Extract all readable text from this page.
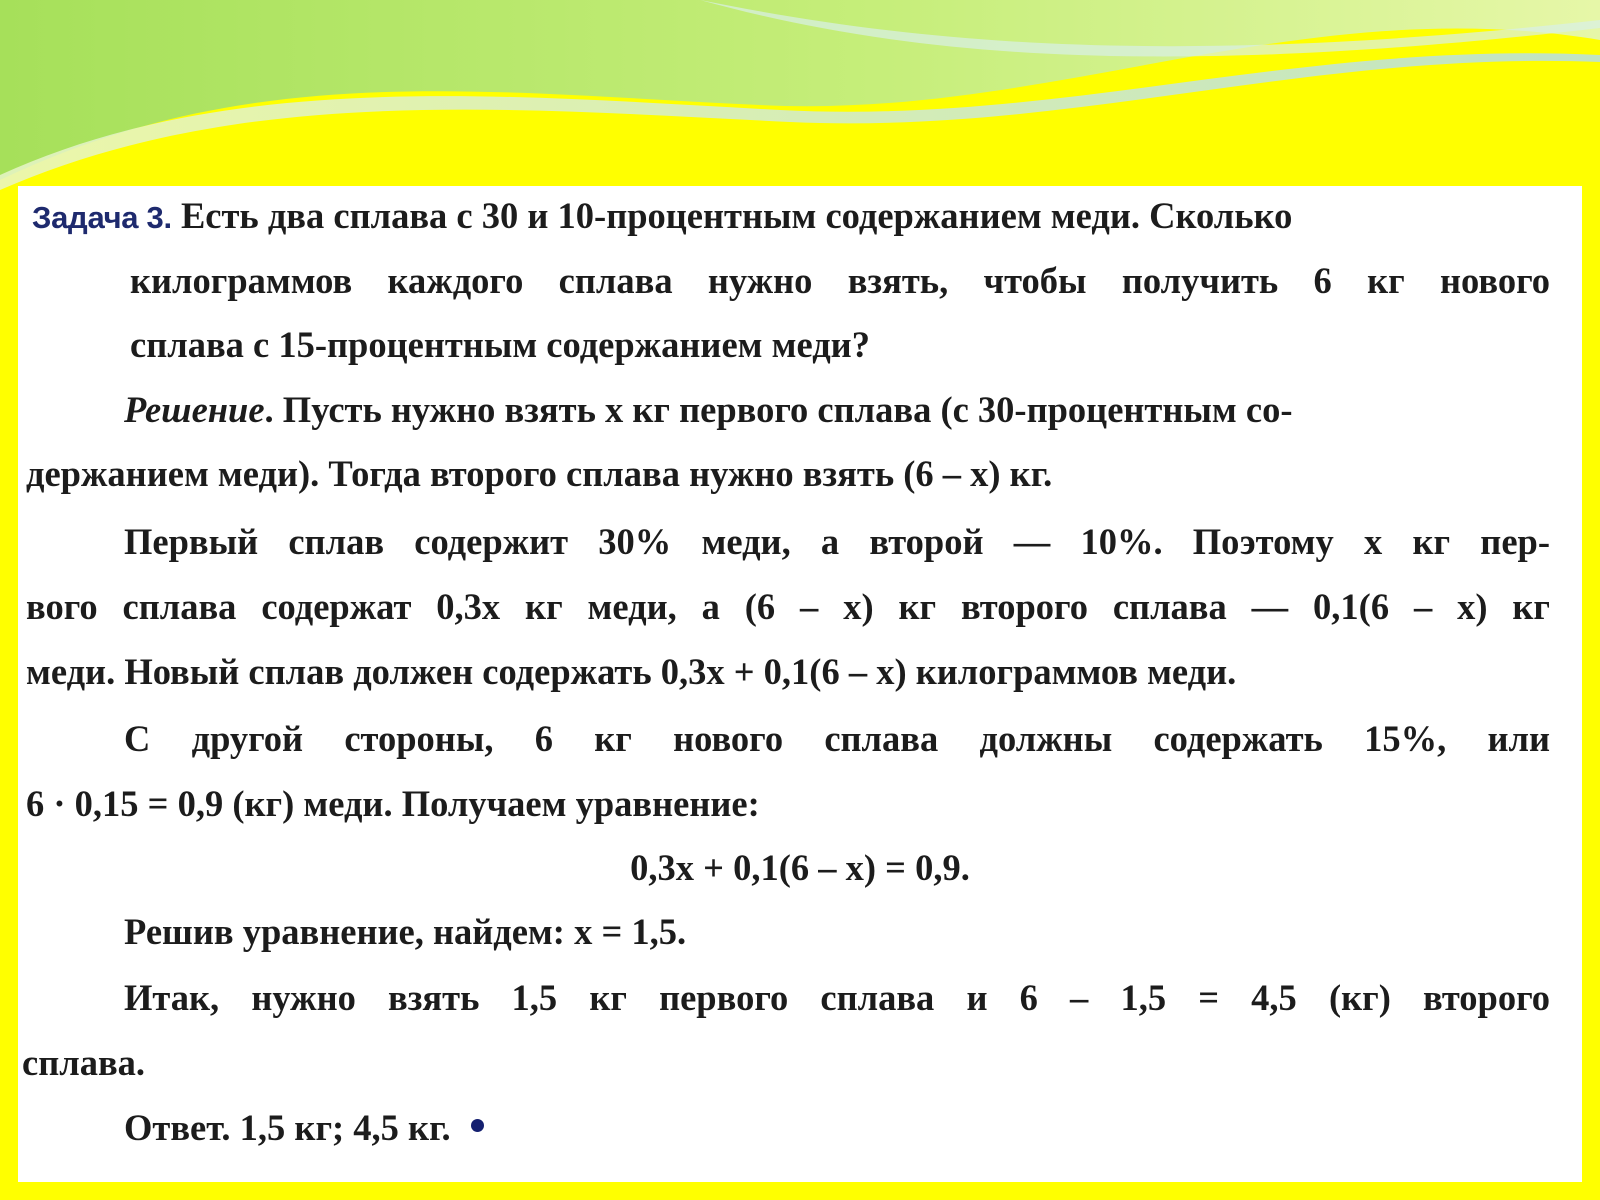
Задача 3. Есть два сплава с 30 и 10-процентным содержанием меди. Сколько

килограммов каждого сплава нужно взять, чтобы получить 6 кг нового

сплава с 15-процентным содержанием меди?

Решение. Пусть нужно взять x кг первого сплава (с 30-процентным со-

держанием меди). Тогда второго сплава нужно взять (6 – x) кг.

Первый сплав содержит 30% меди, а второй — 10%. Поэтому x кг пер-

вого сплава содержат 0,3x кг меди, а (6 – x) кг второго сплава — 0,1(6 – x) кг

меди. Новый сплав должен содержать 0,3x + 0,1(6 – x) килограммов меди.

С другой стороны, 6 кг нового сплава должны содержать 15%, или

6 · 0,15 = 0,9 (кг) меди. Получаем уравнение:

0,3x + 0,1(6 – x) = 0,9.

Решив уравнение, найдем: x = 1,5.

Итак, нужно взять 1,5 кг первого сплава и 6 – 1,5 = 4,5 (кг) второго

сплава.

Ответ. 1,5 кг; 4,5 кг.
